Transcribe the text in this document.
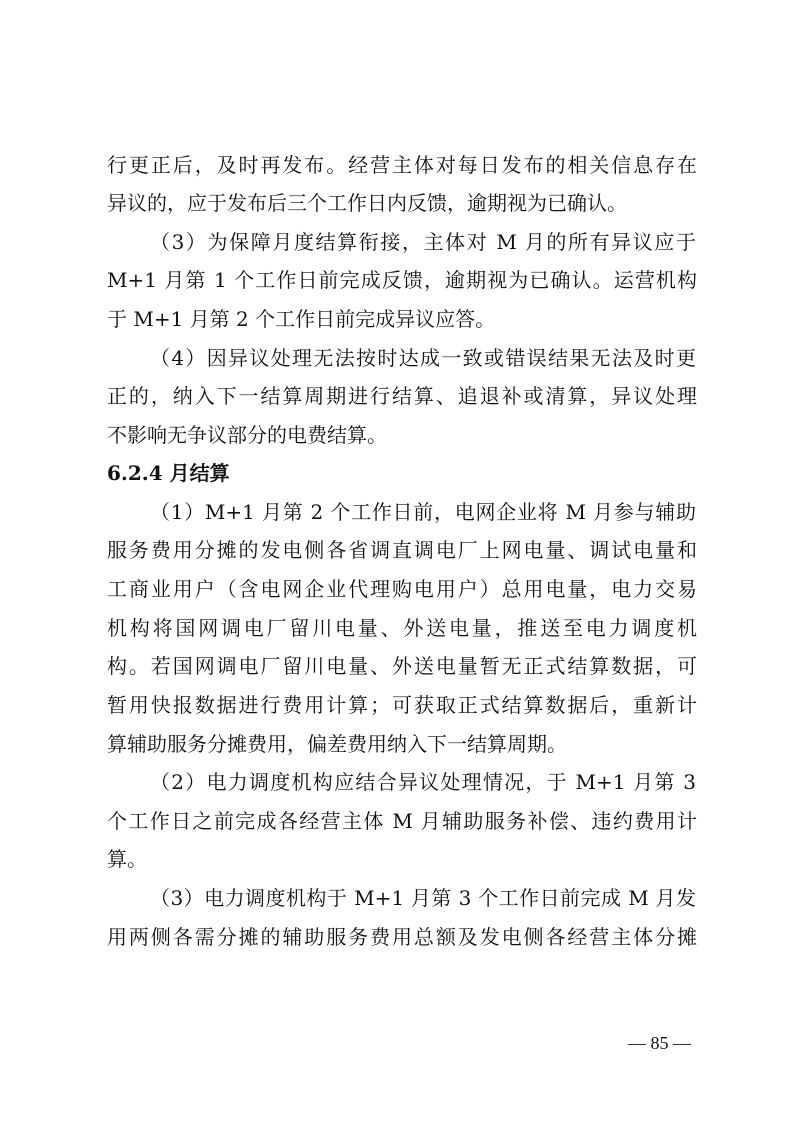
行更正后，及时再发布。经营主体对每日发布的相关信息存在
异议的，应于发布后三个工作日内反馈，逾期视为已确认。
（3）为保障月度结算衔接，主体对 M 月的所有异议应于
M+1 月第 1 个工作日前完成反馈，逾期视为已确认。运营机构
于 M+1 月第 2 个工作日前完成异议应答。
（4）因异议处理无法按时达成一致或错误结果无法及时更
正的，纳入下一结算周期进行结算、追退补或清算，异议处理
不影响无争议部分的电费结算。
6.2.4 月结算
（1）M+1 月第 2 个工作日前，电网企业将 M 月参与辅助
服务费用分摊的发电侧各省调直调电厂上网电量、调试电量和
工商业用户（含电网企业代理购电用户）总用电量，电力交易
机构将国网调电厂留川电量、外送电量，推送至电力调度机
构。若国网调电厂留川电量、外送电量暂无正式结算数据，可
暂用快报数据进行费用计算；可获取正式结算数据后，重新计
算辅助服务分摊费用，偏差费用纳入下一结算周期。
（2）电力调度机构应结合异议处理情况，于 M+1 月第 3
个工作日之前完成各经营主体 M 月辅助服务补偿、违约费用计
算。
（3）电力调度机构于 M+1 月第 3 个工作日前完成 M 月发
用两侧各需分摊的辅助服务费用总额及发电侧各经营主体分摊
— 85 —
